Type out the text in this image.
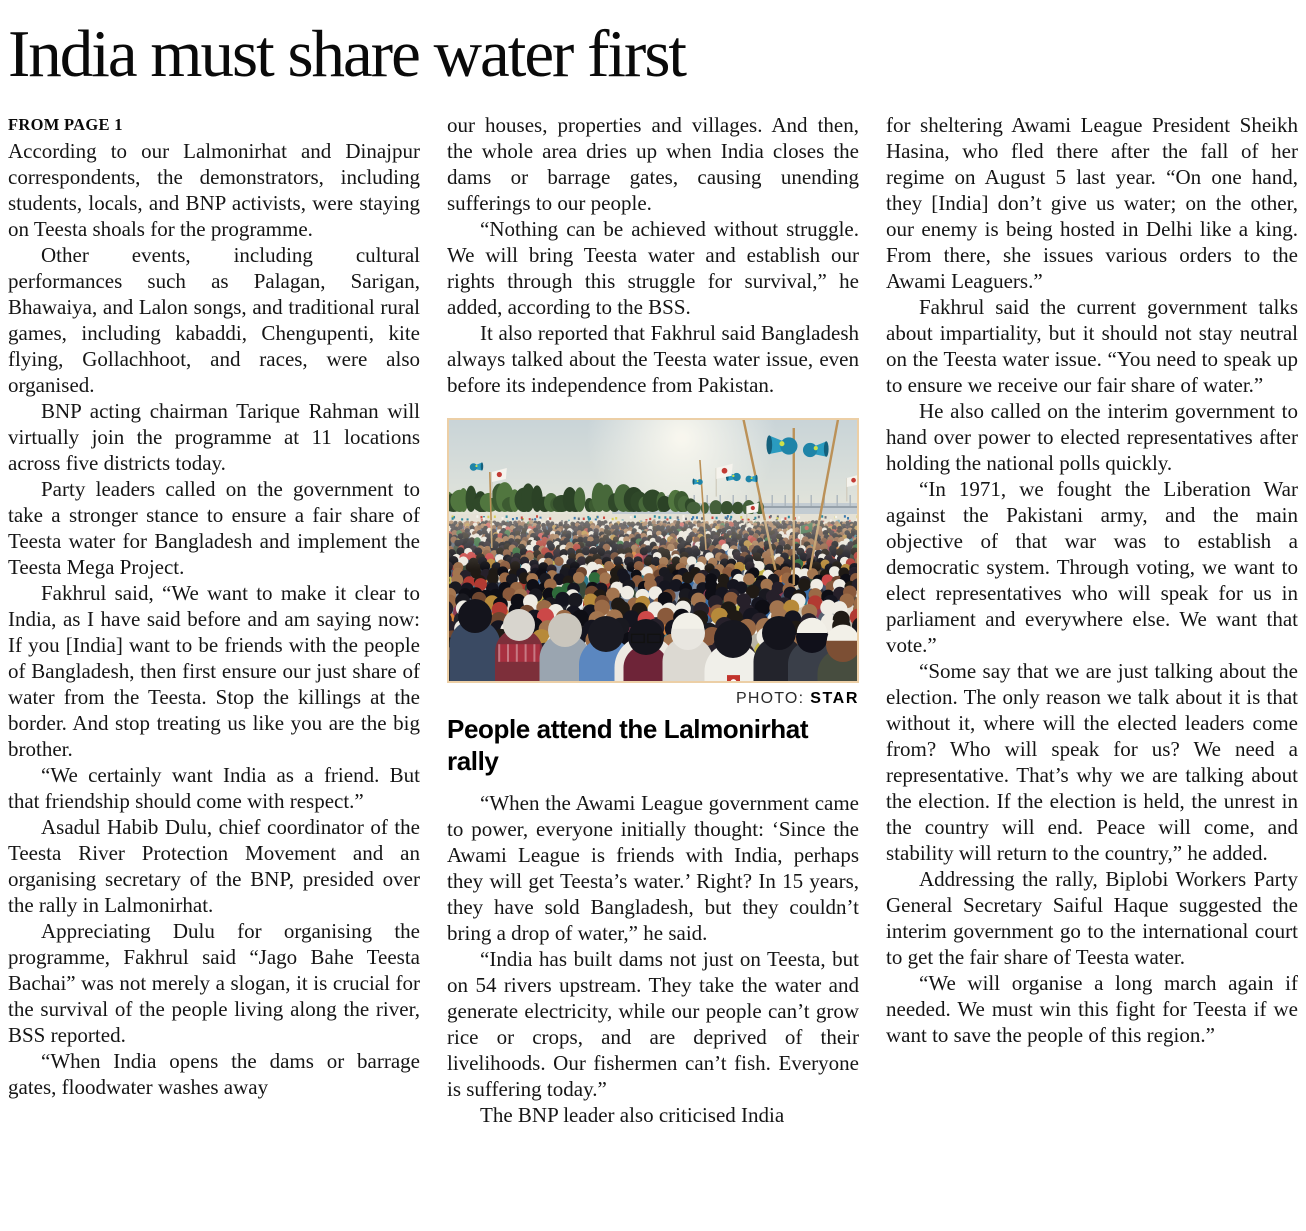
India must share water first
FROM PAGE 1

According to our Lalmonirhat and Dinajpur correspondents, the demonstrators, including students, locals, and BNP activists, were staying on Teesta shoals for the programme.

Other events, including cultural performances such as Palagan, Sarigan, Bhawaiya, and Lalon songs, and traditional rural games, including kabaddi, Chengupenti, kite flying, Gollachhoot, and races, were also organised.

BNP acting chairman Tarique Rahman will virtually join the programme at 11 locations across five districts today.

Party leaders called on the government to take a stronger stance to ensure a fair share of Teesta water for Bangladesh and implement the Teesta Mega Project.

Fakhrul said, “We want to make it clear to India, as I have said before and am saying now: If you [India] want to be friends with the people of Bangladesh, then first ensure our just share of water from the Teesta. Stop the killings at the border. And stop treating us like you are the big brother.

“We certainly want India as a friend. But that friendship should come with respect.”

Asadul Habib Dulu, chief coordinator of the Teesta River Protection Movement and an organising secretary of the BNP, presided over the rally in Lalmonirhat.

Appreciating Dulu for organising the programme, Fakhrul said “Jago Bahe Teesta Bachai” was not merely a slogan, it is crucial for the survival of the people living along the river, BSS reported.

“When India opens the dams or barrage gates, floodwater washes away

our houses, properties and villages. And then, the whole area dries up when India closes the dams or barrage gates, causing unending sufferings to our people.

“Nothing can be achieved without struggle. We will bring Teesta water and establish our rights through this struggle for survival,” he added, according to the BSS.

It also reported that Fakhrul said Bangladesh always talked about the Teesta water issue, even before its independence from Pakistan.

PHOTO: STAR
People attend the Lalmonirhat rally

“When the Awami League government came to power, everyone initially thought: ‘Since the Awami League is friends with India, perhaps they will get Teesta’s water.’ Right? In 15 years, they have sold Bangladesh, but they couldn’t bring a drop of water,” he said.

“India has built dams not just on Teesta, but on 54 rivers upstream. They take the water and generate electricity, while our people can’t grow rice or crops, and are deprived of their livelihoods. Our fishermen can’t fish. Everyone is suffering today.”

The BNP leader also criticised India

for sheltering Awami League President Sheikh Hasina, who fled there after the fall of her regime on August 5 last year. “On one hand, they [India] don’t give us water; on the other, our enemy is being hosted in Delhi like a king. From there, she issues various orders to the Awami Leaguers.”

Fakhrul said the current government talks about impartiality, but it should not stay neutral on the Teesta water issue. “You need to speak up to ensure we receive our fair share of water.”

He also called on the interim government to hand over power to elected representatives after holding the national polls quickly.

“In 1971, we fought the Liberation War against the Pakistani army, and the main objective of that war was to establish a democratic system. Through voting, we want to elect representatives who will speak for us in parliament and everywhere else. We want that vote.”

“Some say that we are just talking about the election. The only reason we talk about it is that without it, where will the elected leaders come from? Who will speak for us? We need a representative. That’s why we are talking about the election. If the election is held, the unrest in the country will end. Peace will come, and stability will return to the country,” he added.

Addressing the rally, Biplobi Workers Party General Secretary Saiful Haque suggested the interim government go to the international court to get the fair share of Teesta water.

“We will organise a long march again if needed. We must win this fight for Teesta if we want to save the people of this region.”
